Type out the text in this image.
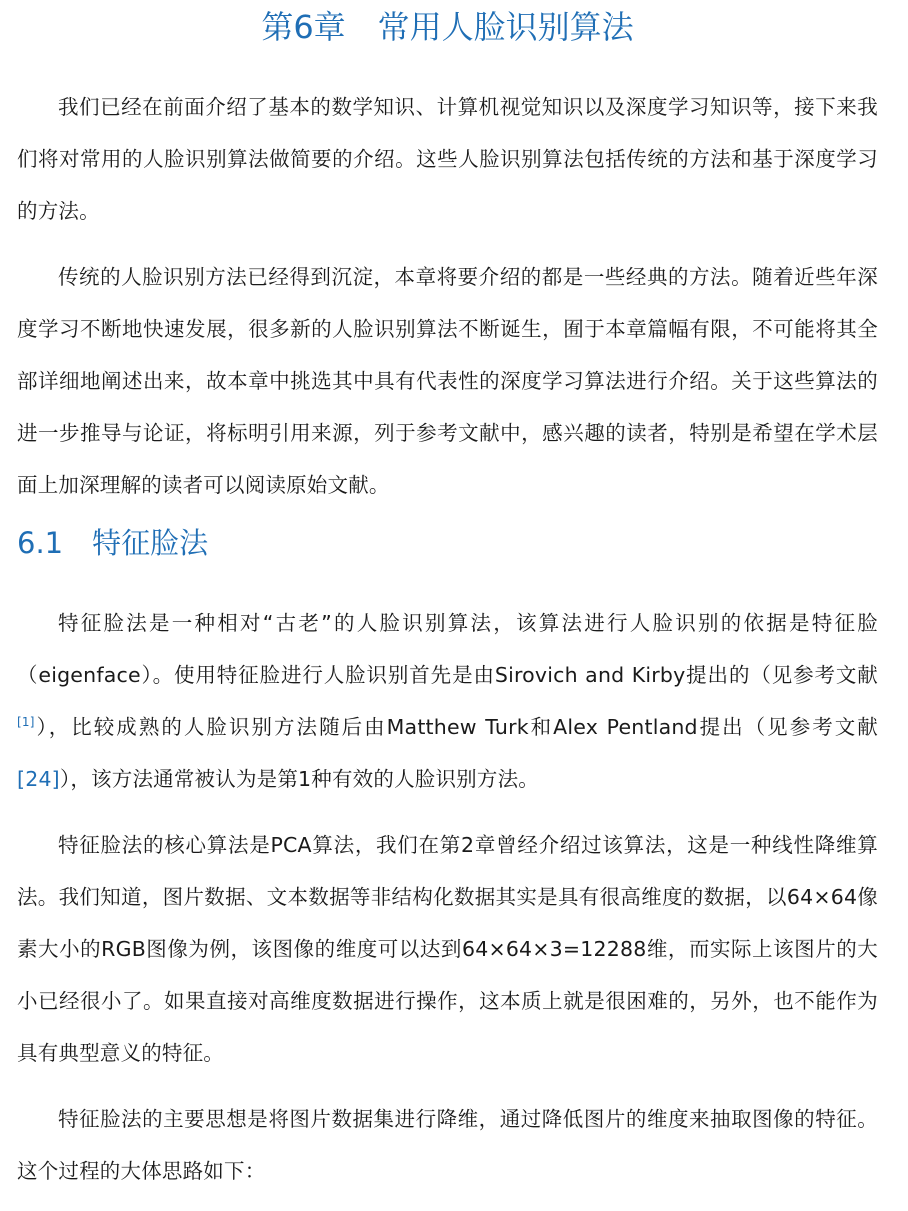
第6章　常用人脸识别算法

我们已经在前面介绍了基本的数学知识、计算机视觉知识以及深度学习知识等，接下来我们将对常用的人脸识别算法做简要的介绍。这些人脸识别算法包括传统的方法和基于深度学习的方法。

传统的人脸识别方法已经得到沉淀，本章将要介绍的都是一些经典的方法。随着近些年深度学习不断地快速发展，很多新的人脸识别算法不断诞生，囿于本章篇幅有限，不可能将其全部详细地阐述出来，故本章中挑选其中具有代表性的深度学习算法进行介绍。关于这些算法的进一步推导与论证，将标明引用来源，列于参考文献中，感兴趣的读者，特别是希望在学术层面上加深理解的读者可以阅读原始文献。

6.1　特征脸法

特征脸法是一种相对“古老”的人脸识别算法，该算法进行人脸识别的依据是特征脸（eigenface）。使用特征脸进行人脸识别首先是由Sirovich and Kirby提出的（见参考文献[1]），比较成熟的人脸识别方法随后由Matthew Turk和Alex Pentland提出（见参考文献[24]），该方法通常被认为是第1种有效的人脸识别方法。

特征脸法的核心算法是PCA算法，我们在第2章曾经介绍过该算法，这是一种线性降维算法。我们知道，图片数据、文本数据等非结构化数据其实是具有很高维度的数据，以64×64像素大小的RGB图像为例，该图像的维度可以达到64×64×3=12288维，而实际上该图片的大小已经很小了。如果直接对高维度数据进行操作，这本质上就是很困难的，另外，也不能作为具有典型意义的特征。

特征脸法的主要思想是将图片数据集进行降维，通过降低图片的维度来抽取图像的特征。这个过程的大体思路如下：
